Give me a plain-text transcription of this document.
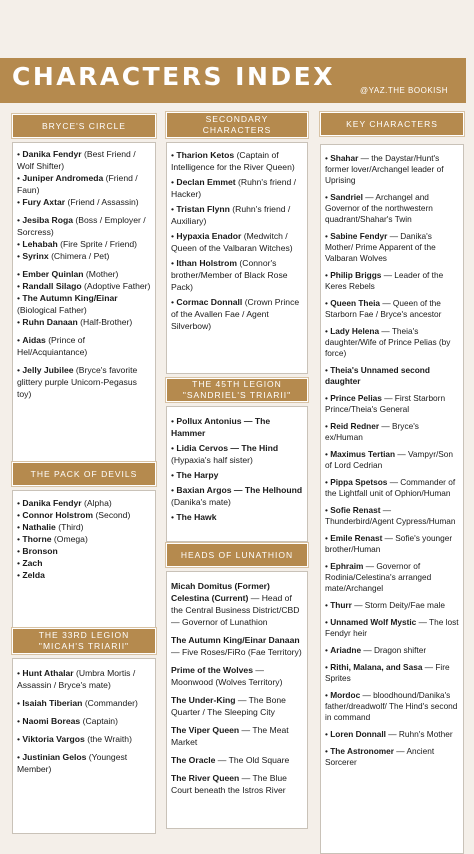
CHARACTERS INDEX	@YAZ.THE BOOKISH
BRYCE'S CIRCLE
• Danika Fendyr (Best Friend / Wolf Shifter)
• Juniper Andromeda (Friend / Faun)
• Fury Axtar (Friend / Assassin)
• Jesiba Roga (Boss / Employer / Sorcress)
• Lehabah (Fire Sprite / Friend)
• Syrinx (Chimera / Pet)
• Ember Quinlan (Mother)
• Randall Silago (Adoptive Father)
• The Autumn King/Einar (Biological Father)
• Ruhn Danaan (Half-Brother)
• Aidas (Prince of Hel/Acquiantance)
• Jelly Jubilee (Bryce's favorite glittery purple Unicorn-Pegasus toy)
THE PACK OF DEVILS
• Danika Fendyr (Alpha)
• Connor Holstrom (Second)
• Nathalie (Third)
• Thorne (Omega)
• Bronson
• Zach
• Zelda
THE 33RD LEGION
"MICAH'S TRIARII"
• Hunt Athalar (Umbra Mortis / Assassin / Bryce's mate)
• Isaiah Tiberian (Commander)
• Naomi Boreas (Captain)
• Viktoria Vargos (the Wraith)
• Justinian Gelos (Youngest Member)
SECONDARY
CHARACTERS
• Tharion Ketos (Captain of Intelligence for the River Queen)
• Declan Emmet (Ruhn's friend / Hacker)
• Tristan Flynn (Ruhn's friend / Auxiliary)
• Hypaxia Enador (Medwitch / Queen of the Valbaran Witches)
• Ithan Holstrom (Connor's brother/Member of Black Rose Pack)
• Cormac Donnall (Crown Prince of the Avallen Fae / Agent Silverbow)
THE 45TH LEGION
"SANDRIEL'S TRIARII"
• Pollux Antonius — The Hammer
• Lidia Cervos — The Hind (Hypaxia's half sister)
• The Harpy
• Baxian Argos — The Helhound (Danika's mate)
• The Hawk
HEADS OF LUNATHION
Micah Domitus (Former) Celestina (Current) — Head of the Central Business District/CBD — Governor of Lunathion
The Autumn King/Einar Danaan — Five Roses/FiRo (Fae Territory)
Prime of the Wolves — Moonwood (Wolves Territory)
The Under-King — The Bone Quarter / The Sleeping City
The Viper Queen — The Meat Market
The Oracle — The Old Square
The River Queen — The Blue Court beneath the Istros River
KEY CHARACTERS
• Shahar — the Daystar/Hunt's former lover/Archangel leader of Uprising
• Sandriel — Archangel and Governor of the northwestern quadrant/Shahar's Twin
• Sabine Fendyr — Danika's Mother/ Prime Apparent of the Valbaran Wolves
• Philip Briggs — Leader of the Keres Rebels
• Queen Theia — Queen of the Starborn Fae / Bryce's ancestor
• Lady Helena — Theia's daughter/Wife of Prince Pelias (by force)
• Theia's Unnamed second daughter
• Prince Pelias — First Starborn Prince/Theia's General
• Reid Redner — Bryce's ex/Human
• Maximus Tertian — Vampyr/Son of Lord Cedrian
• Pippa Spetsos — Commander of the Lightfall unit of Ophion/Human
• Sofie Renast — Thunderbird/Agent Cypress/Human
• Emile Renast — Sofie's younger brother/Human
• Ephraim — Governor of Rodinia/Celestina's arranged mate/Archangel
• Thurr — Storm Deity/Fae male
• Unnamed Wolf Mystic — The lost Fendyr heir
• Ariadne — Dragon shifter
• Rithi, Malana, and Sasa — Fire Sprites
• Mordoc — bloodhound/Danika's father/dreadwolf/ The Hind's second in command
• Loren Donnall — Ruhn's Mother
• The Astronomer — Ancient Sorcerer
